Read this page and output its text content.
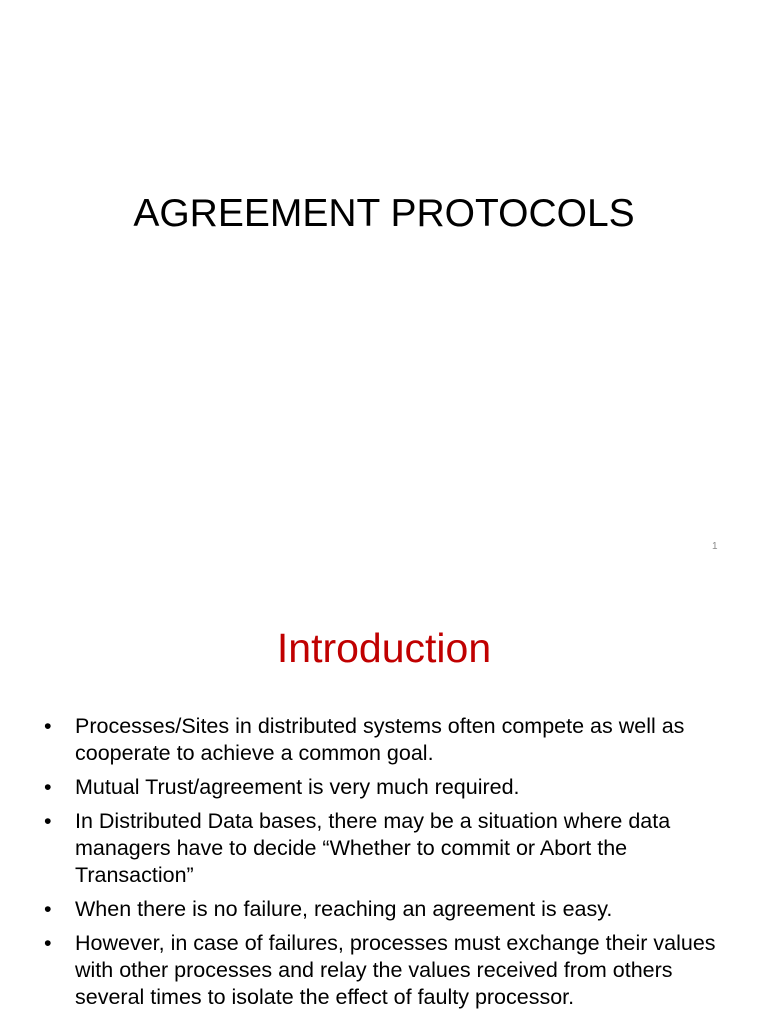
AGREEMENT PROTOCOLS
1
Introduction
•	Processes/Sites in distributed systems often compete as well as cooperate to achieve a common goal.
•	Mutual Trust/agreement is very much required.
•	In Distributed Data bases, there may be a situation where data managers have to decide “Whether to commit or Abort the Transaction”
•	When there is no failure, reaching an agreement is easy.
•	However, in case of failures, processes must exchange their values with other processes and relay the values received from others several times to isolate the effect of faulty processor.
